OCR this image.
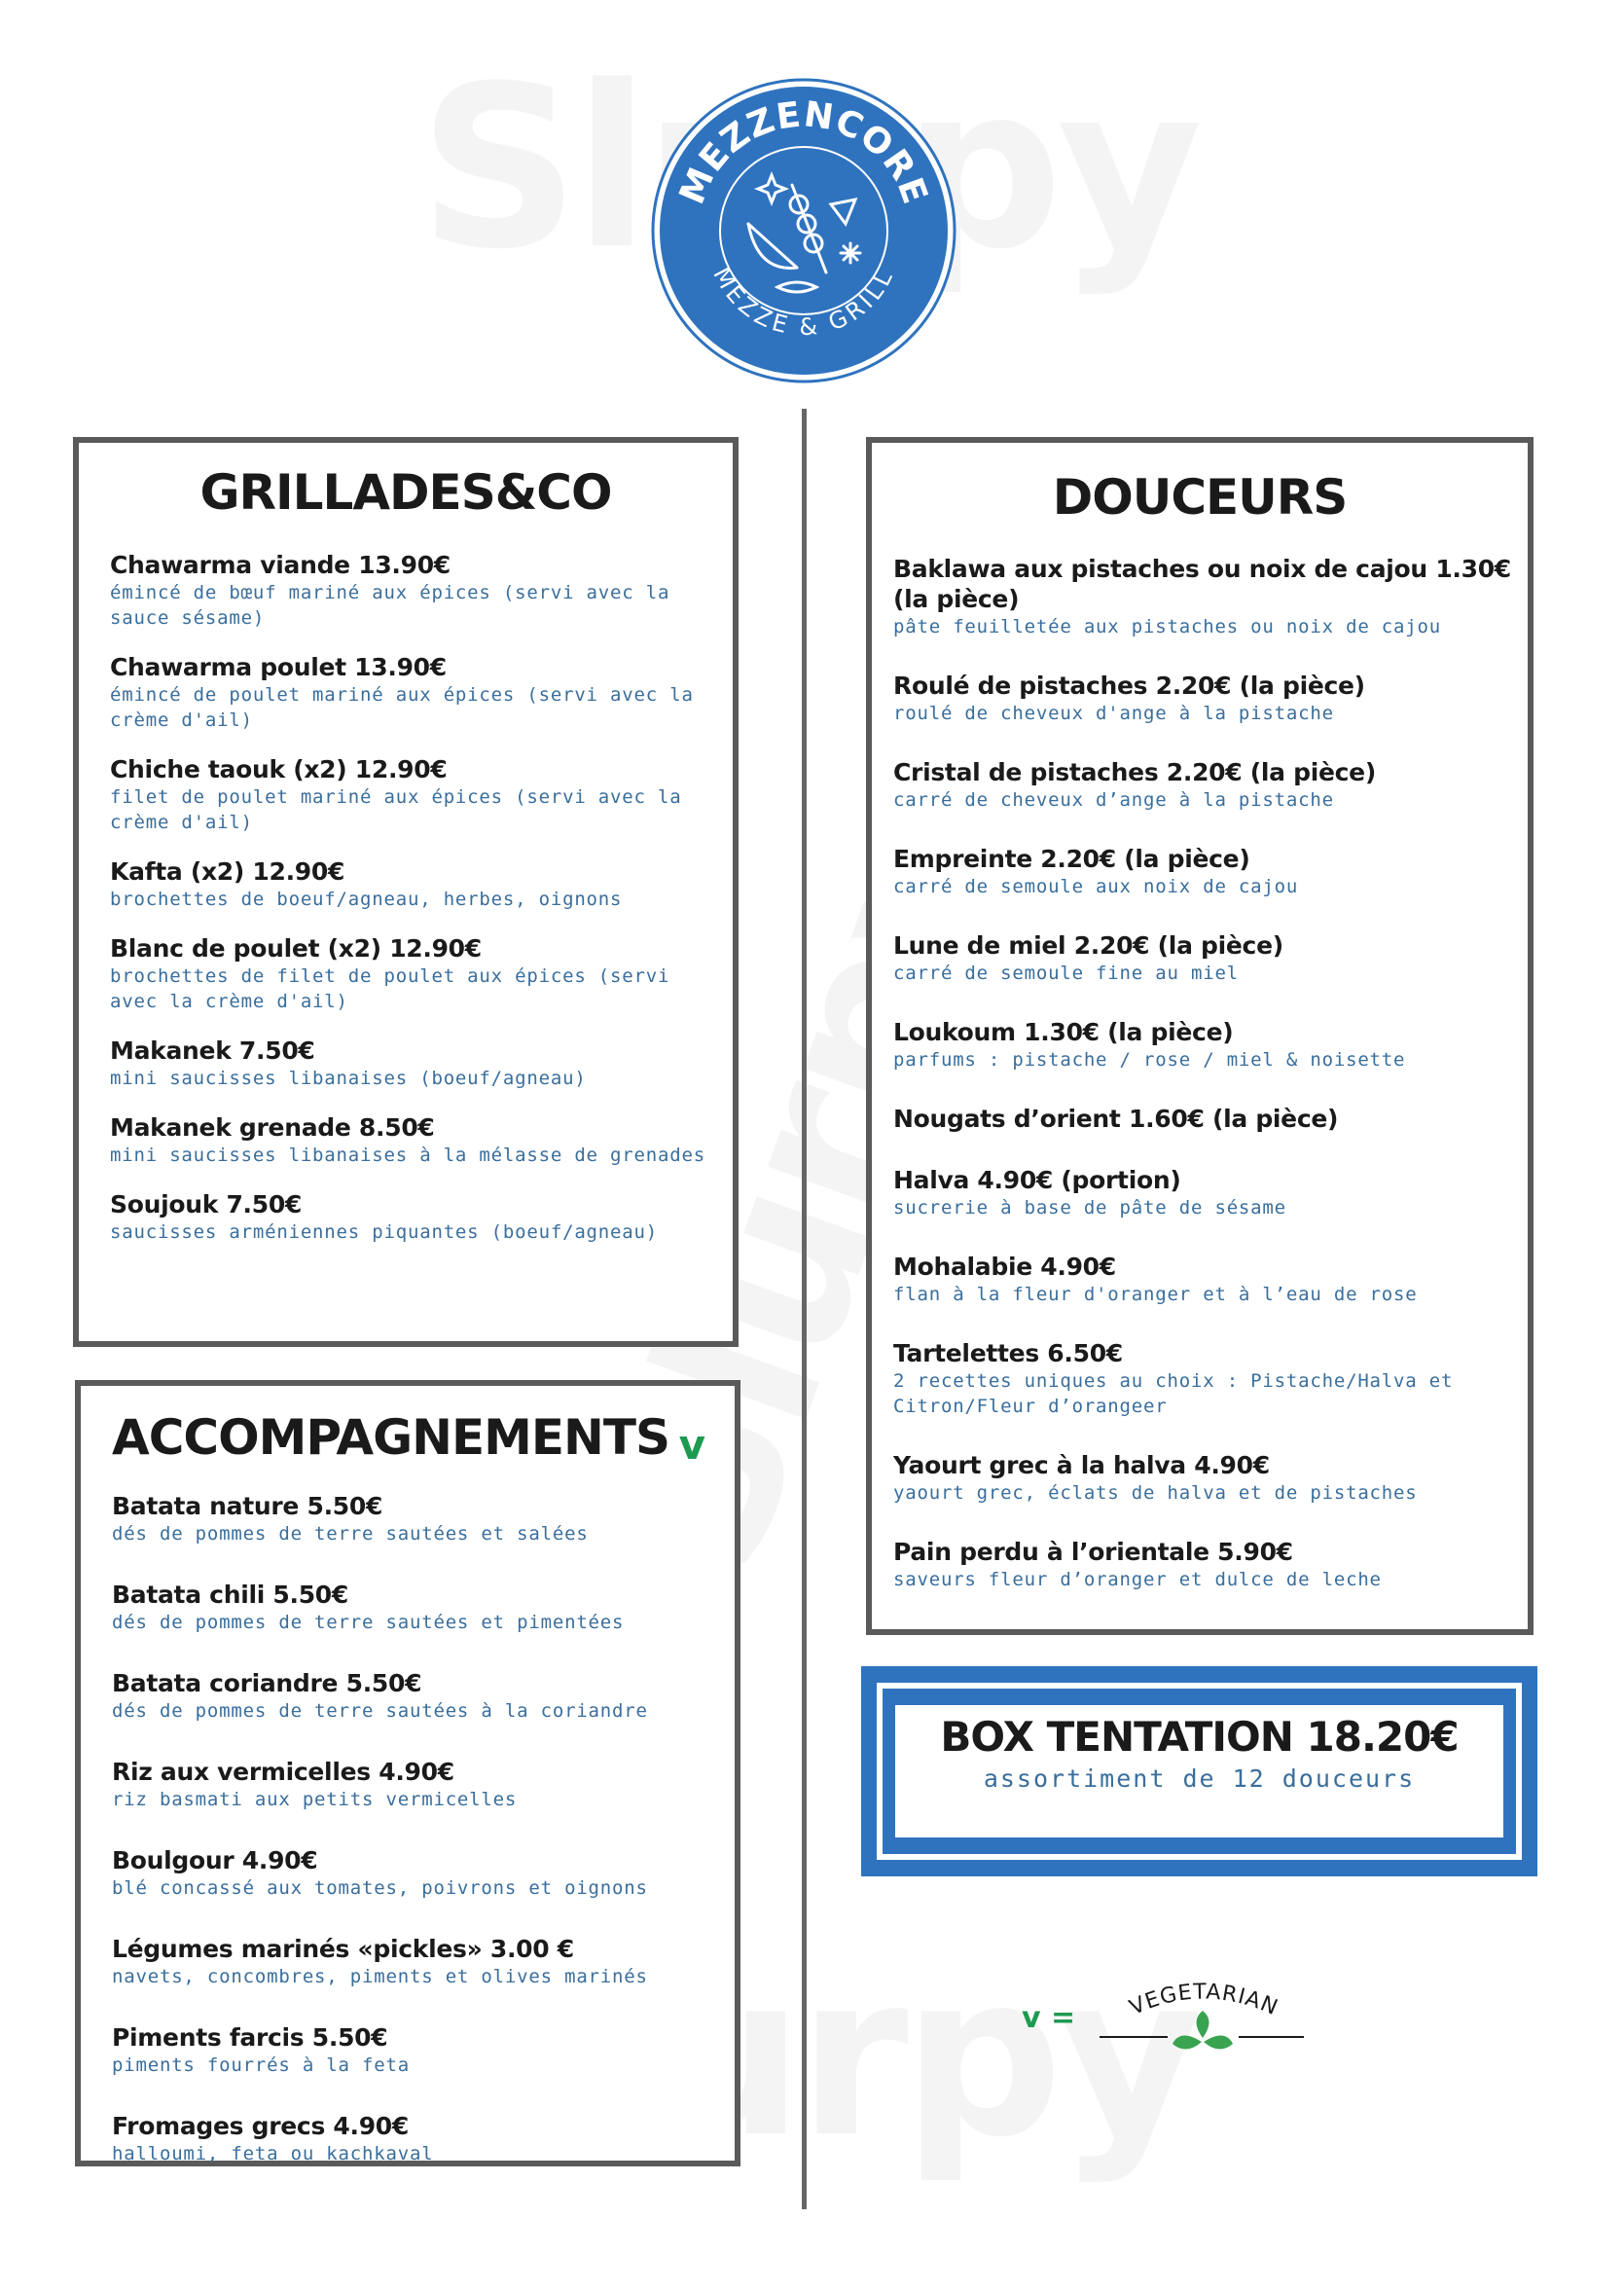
MEZZENCORE
MEZZE & GRILL
GRILLADES&CO
Chawarma viande 13.90€
émincé de bœuf mariné aux épices (servi avec la sauce sésame)
Chawarma poulet 13.90€
émincé de poulet mariné aux épices (servi avec la crème d'ail)
Chiche taouk (x2) 12.90€
filet de poulet mariné aux épices (servi avec la crème d'ail)
Kafta (x2) 12.90€
brochettes de boeuf/agneau, herbes, oignons
Blanc de poulet (x2) 12.90€
brochettes de filet de poulet aux épices (servi avec la crème d'ail)
Makanek 7.50€
mini saucisses libanaises (boeuf/agneau)
Makanek grenade 8.50€
mini saucisses libanaises à la mélasse de grenades
Soujouk 7.50€
saucisses arméniennes piquantes (boeuf/agneau)
ACCOMPAGNEMENTS v
Batata nature 5.50€
dés de pommes de terre sautées et salées
Batata chili 5.50€
dés de pommes de terre sautées et pimentées
Batata coriandre 5.50€
dés de pommes de terre sautées à la coriandre
Riz aux vermicelles 4.90€
riz basmati aux petits vermicelles
Boulgour 4.90€
blé concassé aux tomates, poivrons et oignons
Légumes marinés «pickles» 3.00 €
navets, concombres, piments et olives marinés
Piments farcis 5.50€
piments fourrés à la feta
Fromages grecs 4.90€
halloumi, feta ou kachkaval
DOUCEURS
Baklawa aux pistaches ou noix de cajou 1.30€ (la pièce)
pâte feuilletée aux pistaches ou noix de cajou
Roulé de pistaches 2.20€ (la pièce)
roulé de cheveux d'ange à la pistache
Cristal de pistaches 2.20€ (la pièce)
carré de cheveux d’ange à la pistache
Empreinte 2.20€ (la pièce)
carré de semoule aux noix de cajou
Lune de miel 2.20€ (la pièce)
carré de semoule fine au miel
Loukoum 1.30€ (la pièce)
parfums : pistache / rose / miel & noisette
Nougats d’orient 1.60€ (la pièce)
Halva 4.90€ (portion)
sucrerie à base de pâte de sésame
Mohalabie 4.90€
flan à la fleur d'oranger et à l’eau de rose
Tartelettes 6.50€
2 recettes uniques au choix : Pistache/Halva et Citron/Fleur d’orangeer
Yaourt grec à la halva 4.90€
yaourt grec, éclats de halva et de pistaches
Pain perdu à l’orientale 5.90€
saveurs fleur d’oranger et dulce de leche
BOX TENTATION 18.20€
assortiment de 12 douceurs
v = VEGETARIAN
